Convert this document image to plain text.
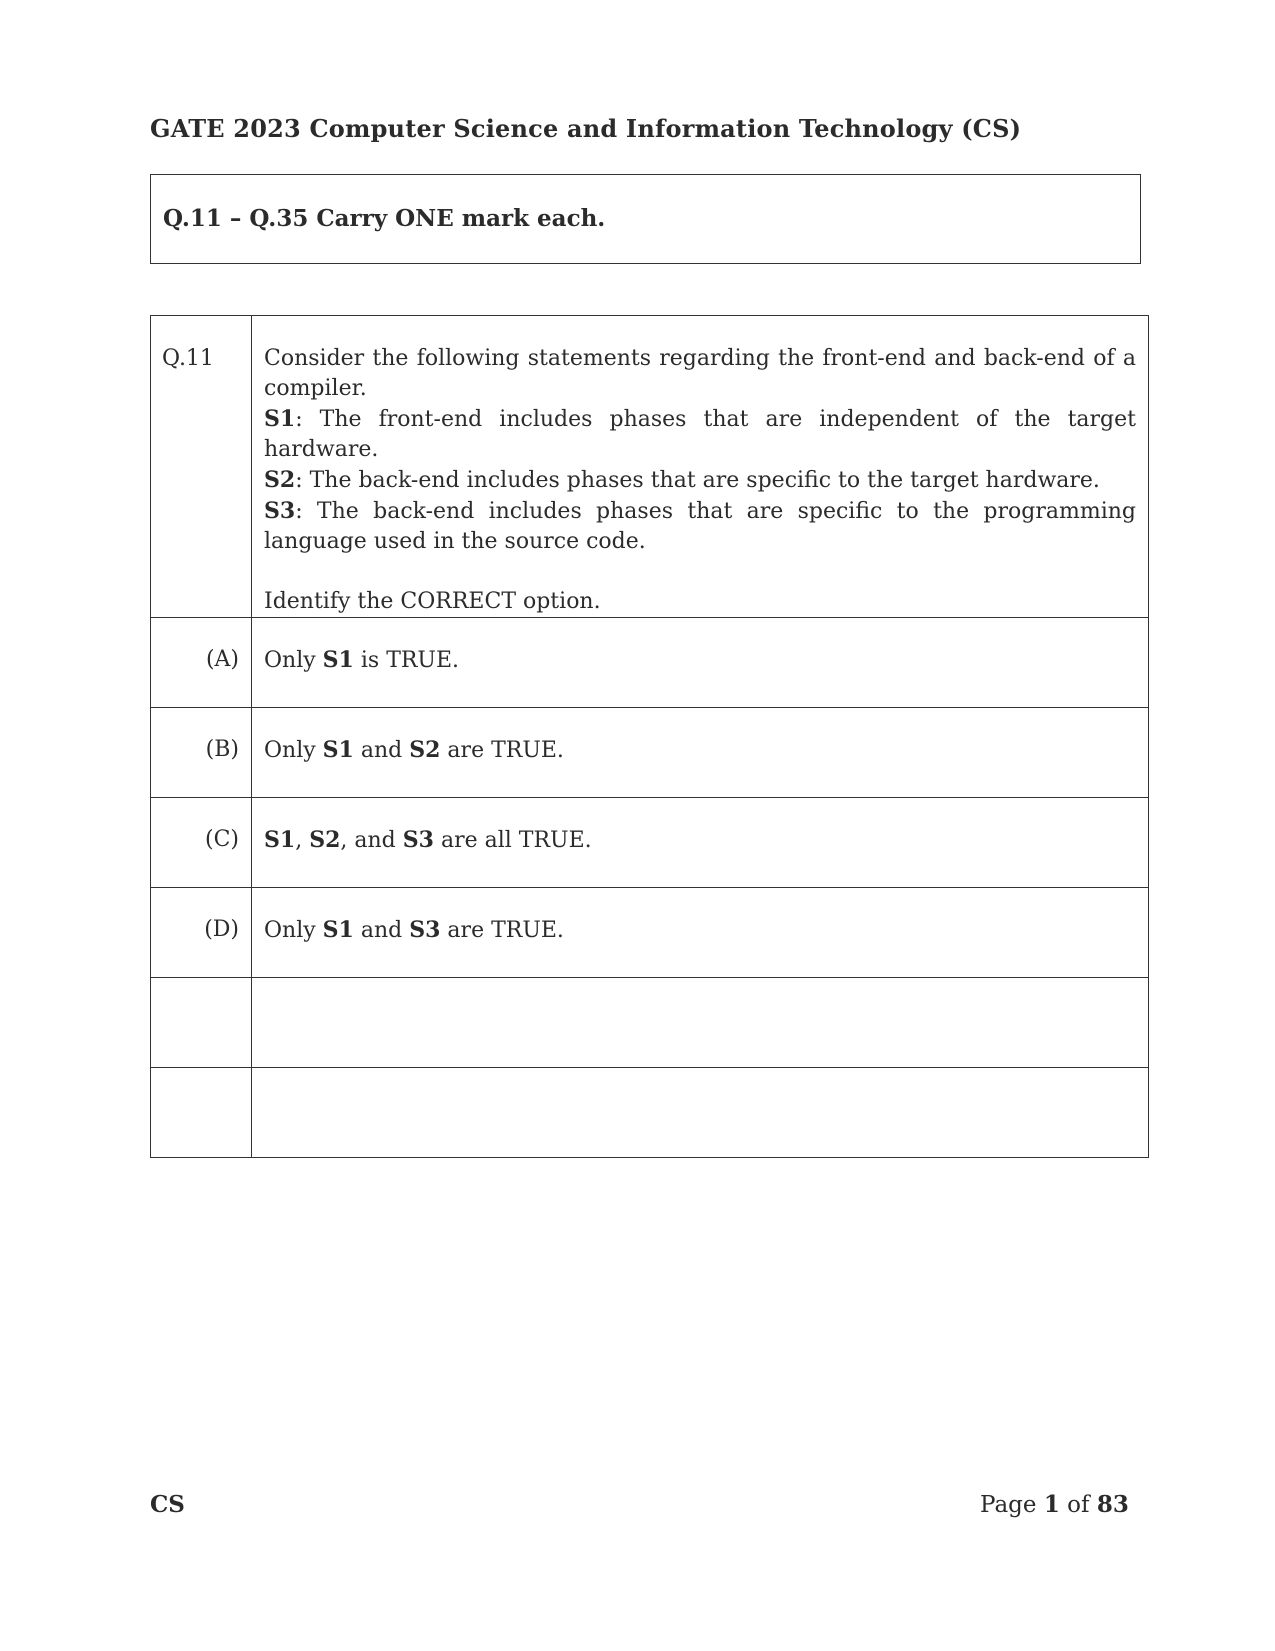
GATE 2023 Computer Science and Information Technology (CS)
Q.11 – Q.35 Carry ONE mark each.
Q.11	Consider the following statements regarding the front-end and back-end of a compiler.

S1: The front-end includes phases that are independent of the target hardware.

S2: The back-end includes phases that are specific to the target hardware.

S3: The back-end includes phases that are specific to the programming language used in the source code.

Identify the CORRECT option.

(A)	Only S1 is TRUE.

(B)	Only S1 and S2 are TRUE.

(C)	S1, S2, and S3 are all TRUE.

(D)	Only S1 and S3 are TRUE.

CS	Page 1 of 83
